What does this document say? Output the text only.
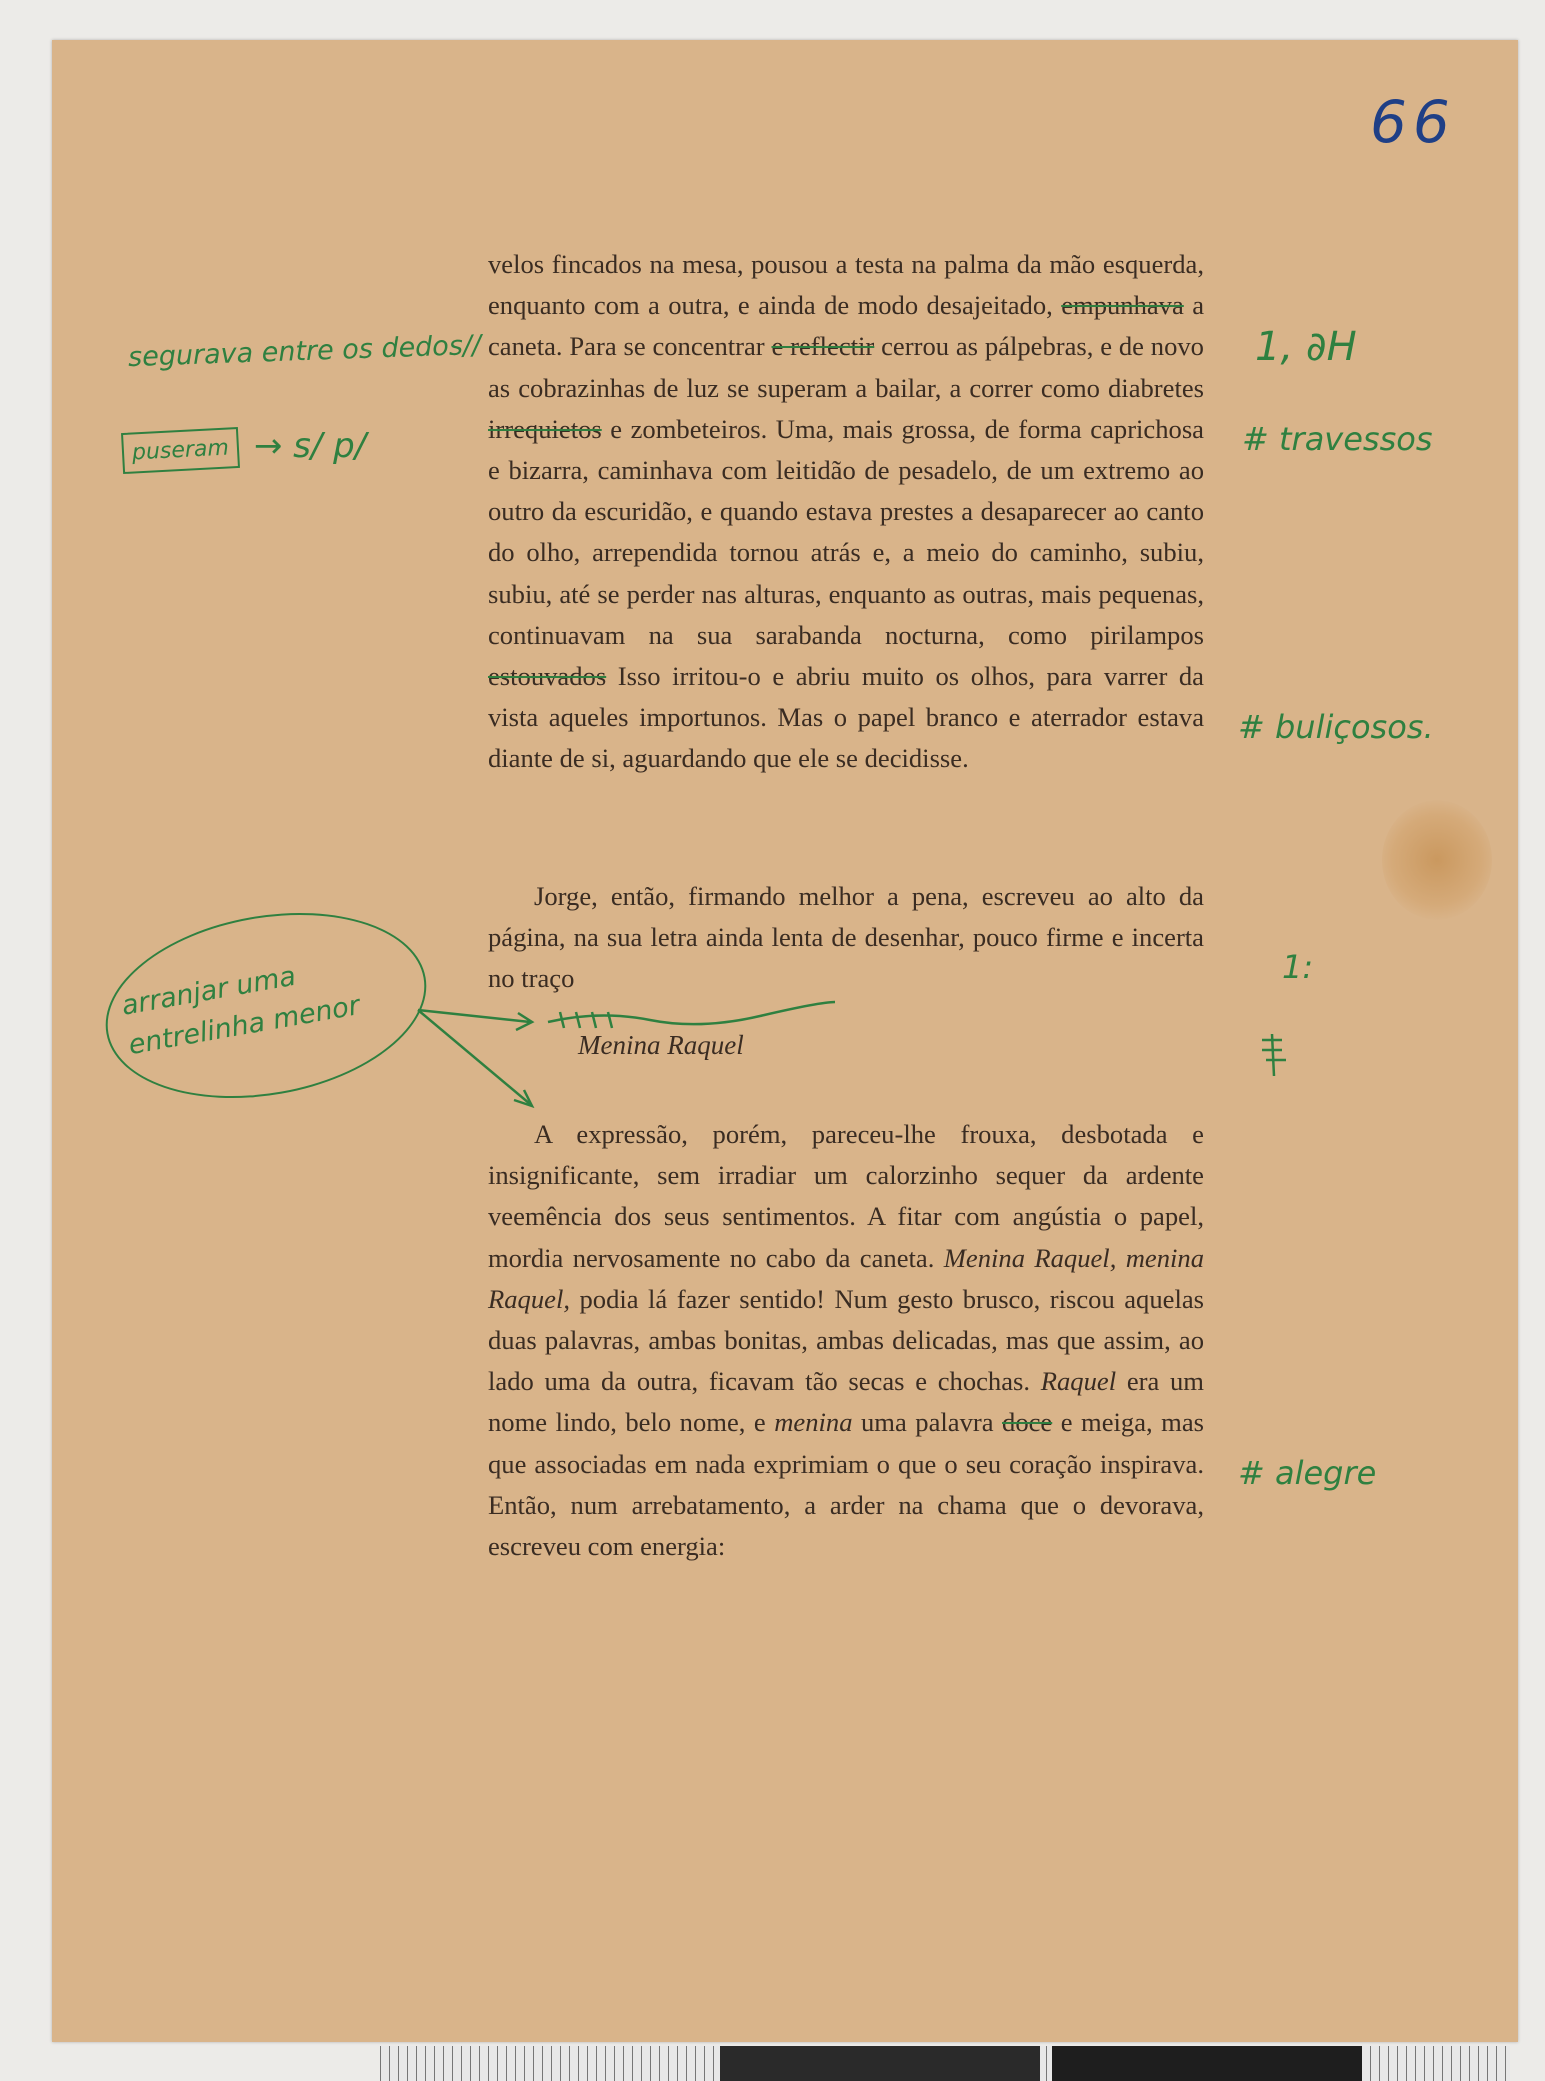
66

velos fincados na mesa, pousou a testa na palma da mão esquerda, enquanto com a outra, e ainda de modo desajeitado, empunhava a caneta. Para se concentrar e reflectir cerrou as pálpebras, e de novo as cobrazinhas de luz se superam a bailar, a correr como diabretes irrequietos e zombeteiros. Uma, mais grossa, de forma caprichosa e bizarra, caminhava com leitidão de pesadelo, de um extremo ao outro da escuridão, e quando estava prestes a desaparecer ao canto do olho, arrependida tornou atrás e, a meio do caminho, subiu, subiu, até se perder nas alturas, enquanto as outras, mais pequenas, continuavam na sua sarabanda nocturna, como pirilampos estouvados Isso irritou-o e abriu muito os olhos, para varrer da vista aqueles importunos. Mas o papel branco e aterrador estava diante de si, aguardando que ele se decidisse.

Jorge, então, firmando melhor a pena, escreveu ao alto da página, na sua letra ainda lenta de desenhar, pouco firme e incerta no traço

Menina Raquel

A expressão, porém, pareceu-lhe frouxa, desbotada e insignificante, sem irradiar um calorzinho sequer da ardente veemência dos seus sentimentos. A fitar com angústia o papel, mordia nervosamente no cabo da caneta. Menina Raquel, menina Raquel, podia lá fazer sentido! Num gesto brusco, riscou aquelas duas palavras, ambas bonitas, ambas delicadas, mas que assim, ao lado uma da outra, ficavam tão secas e chochas. Raquel era um nome lindo, belo nome, e menina uma palavra doce e meiga, mas que associadas em nada exprimiam o que o seu coração inspirava. Então, num arrebatamento, a arder na chama que o devorava, escreveu com energia:

segurava entre os dedos//
puseram → s/ p/
arranjar uma entrelinha menor
1, ∂H
# travessos
# buliçosos.
1:
# alegre
